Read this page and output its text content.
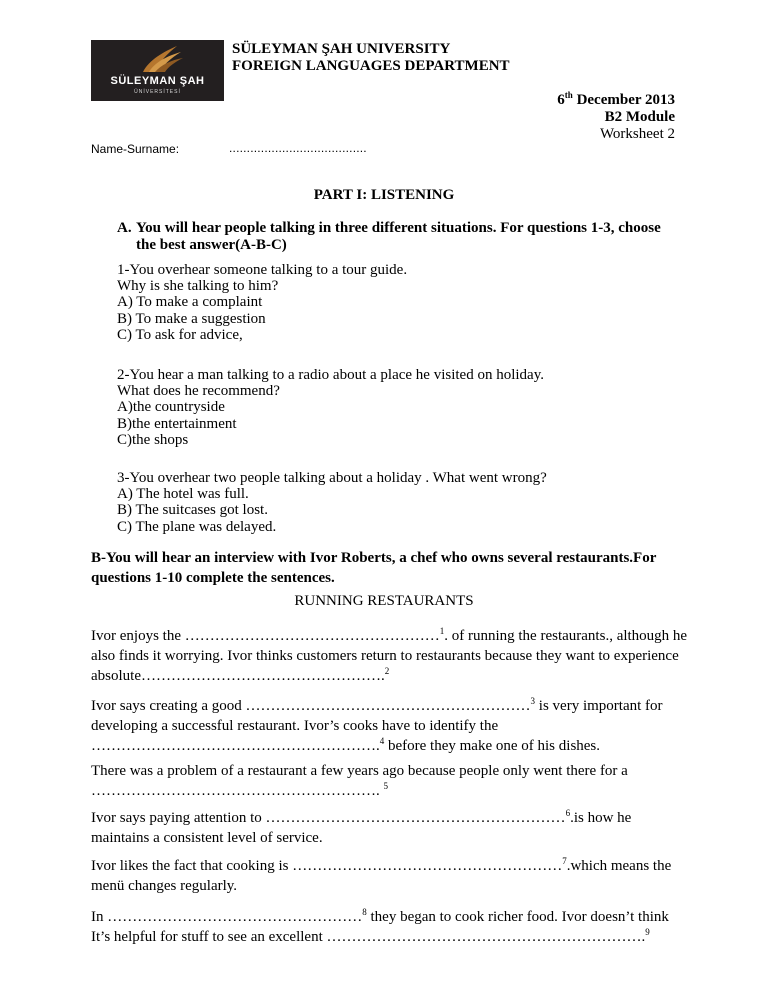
SÜLEYMAN ŞAH
ÜNİVERSİTESİ
SÜLEYMAN ŞAH UNIVERSITY
FOREIGN LANGUAGES DEPARTMENT
6th December 2013
B2 Module
Worksheet 2
Name-Surname:	.......................................
PART I: LISTENING
A. You will hear people talking in three different situations. For questions 1-3, choose the best answer(A-B-C)
1-You overhear someone talking to a tour guide.
Why is she talking to him?
A) To make a complaint
B) To make a suggestion
C) To ask for advice,
2-You hear a man talking to a radio about a place he visited on holiday.
What does he recommend?
A)the countryside
B)the entertainment
C)the shops
3-You overhear two people talking about a holiday . What went wrong?
A) The hotel was full.
B) The suitcases got lost.
C) The plane was delayed.
B-You will hear an interview with Ivor Roberts, a chef who owns several restaurants.For questions 1-10 complete the sentences.
RUNNING RESTAURANTS
Ivor enjoys the ……………………………………………$^1$. of running the restaurants., although he also finds it worrying. Ivor thinks customers return to restaurants because they want to experience absolute………………………………………….$^2$
Ivor says creating a good …………………………………………………$^3$ is very important for developing a successful restaurant. Ivor’s cooks have to identify the ………………………………………………….$^4$ before they make one of his dishes.
There was a problem of a restaurant a few years ago because people only went there for a …………………………………………………. $^5$
Ivor says paying attention to ……………………………………………………$^6$.is how he maintains a consistent level of service.
Ivor likes the fact that cooking is ………………………………………………$^7$.which means the menü changes regularly.
In ……………………………………………$^8$ they began to cook richer food. Ivor doesn’t think It’s helpful for stuff to see an excellent ……………………………………………………….$^9$
